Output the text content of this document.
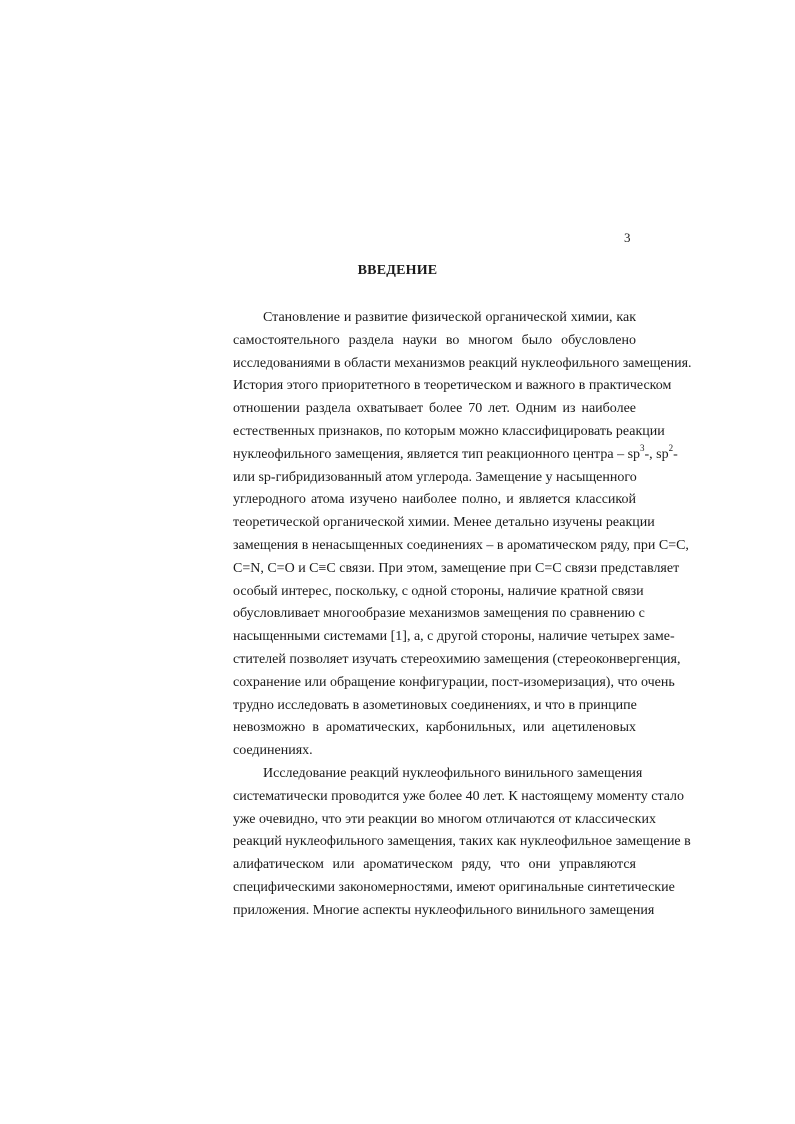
3
ВВЕДЕНИЕ
Становление и развитие физической органической химии, как
самостоятельного раздела науки во многом было обусловлено
исследованиями в области механизмов реакций нуклеофильного замещения.
История этого приоритетного в теоретическом и важного в практическом
отношении раздела охватывает более 70 лет. Одним из наиболее
естественных признаков, по которым можно классифицировать реакции
нуклеофильного замещения, является тип реакционного центра – $sp^3-$, $sp^2-$
или sp-гибридизованный атом углерода. Замещение у насыщенного
углеродного атома изучено наиболее полно, и является классикой
теоретической органической химии. Менее детально изучены реакции
замещения в ненасыщенных соединениях – в ароматическом ряду, при C=C,
C=N, C=O и C≡C связи. При этом, замещение при C=C связи представляет
особый интерес, поскольку, с одной стороны, наличие кратной связи
обусловливает многообразие механизмов замещения по сравнению с
насыщенными системами [1], а, с другой стороны, наличие четырех заме-
стителей позволяет изучать стереохимию замещения (стереоконвергенция,
сохранение или обращение конфигурации, пост-изомеризация), что очень
трудно исследовать в азометиновых соединениях, и что в принципе
невозможно в ароматических, карбонильных, или ацетиленовых
соединениях.
Исследование реакций нуклеофильного винильного замещения
систематически проводится уже более 40 лет. К настоящему моменту стало
уже очевидно, что эти реакции во многом отличаются от классических
реакций нуклеофильного замещения, таких как нуклеофильное замещение в
алифатическом или ароматическом ряду, что они управляются
специфическими закономерностями, имеют оригинальные синтетические
приложения. Многие аспекты нуклеофильного винильного замещения
